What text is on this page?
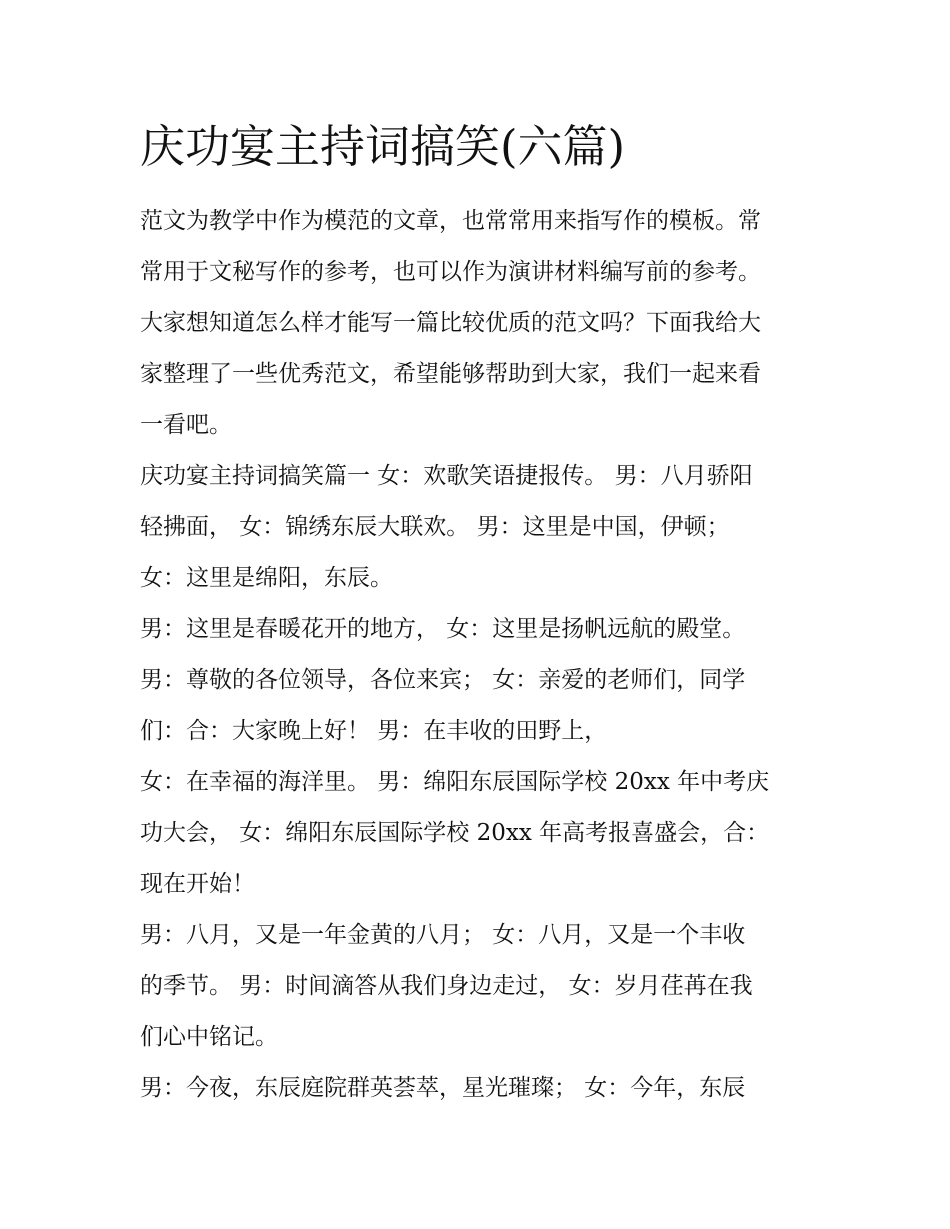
庆功宴主持词搞笑(六篇)
范文为教学中作为模范的文章，也常常用来指写作的模板。常
常用于文秘写作的参考，也可以作为演讲材料编写前的参考。
大家想知道怎么样才能写一篇比较优质的范文吗？下面我给大
家整理了一些优秀范文，希望能够帮助到大家，我们一起来看
一看吧。
庆功宴主持词搞笑篇一 女：欢歌笑语捷报传。 男：八月骄阳
轻拂面， 女：锦绣东辰大联欢。 男：这里是中国，伊顿；
女：这里是绵阳，东辰。
男：这里是春暖花开的地方， 女：这里是扬帆远航的殿堂。
男：尊敬的各位领导，各位来宾； 女：亲爱的老师们，同学
们：合：大家晚上好！ 男：在丰收的田野上，
女：在幸福的海洋里。 男：绵阳东辰国际学校 20xx 年中考庆
功大会， 女：绵阳东辰国际学校 20xx 年高考报喜盛会，合：
现在开始！
男：八月，又是一年金黄的八月； 女：八月，又是一个丰收
的季节。 男：时间滴答从我们身边走过， 女：岁月荏苒在我
们心中铭记。
男：今夜，东辰庭院群英荟萃，星光璀璨； 女：今年，东辰
